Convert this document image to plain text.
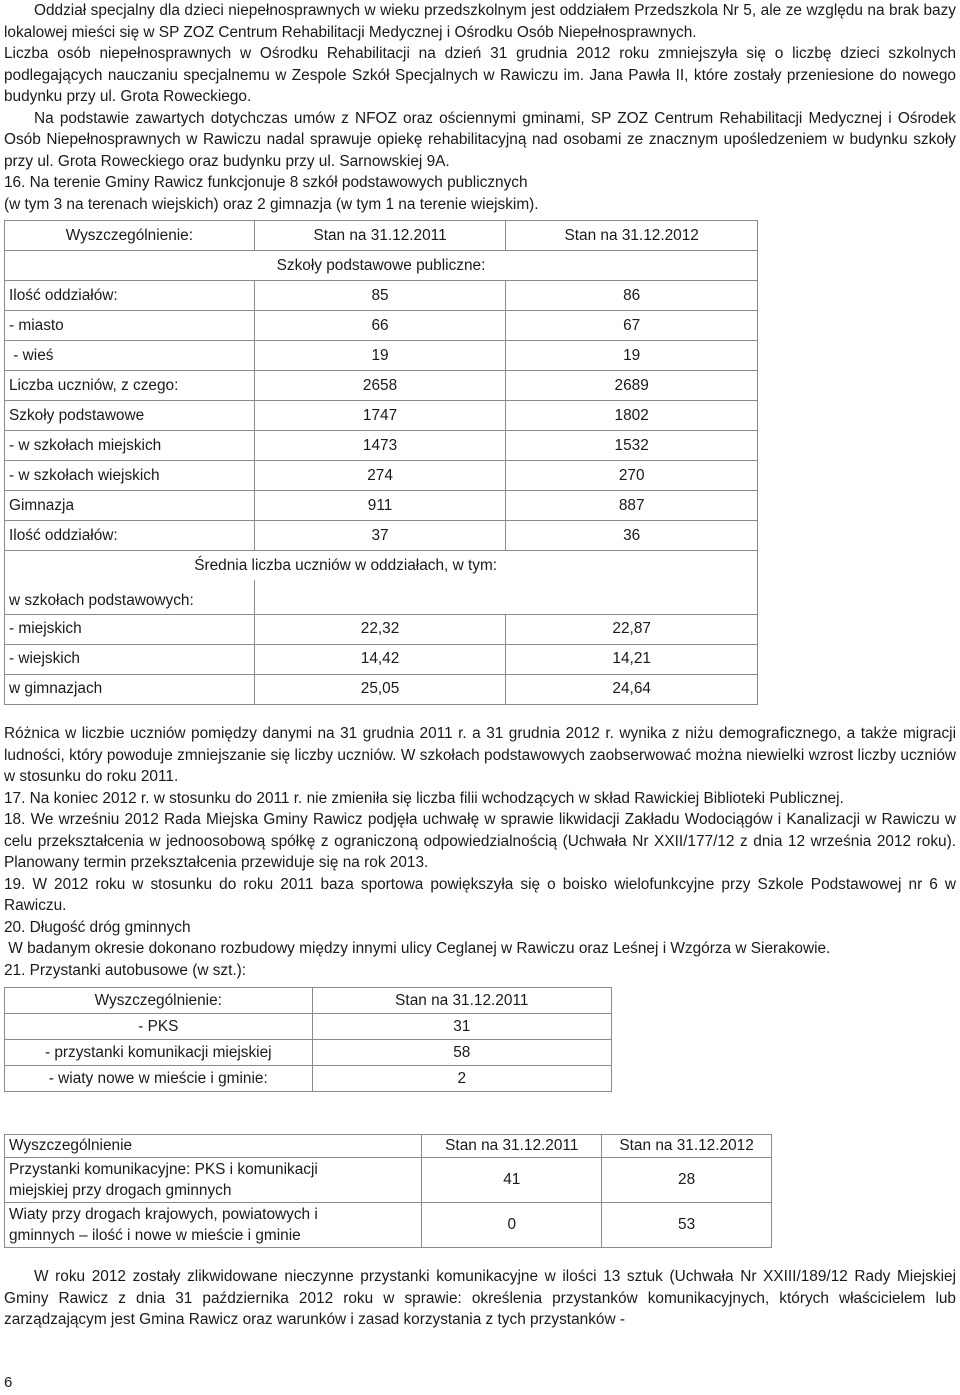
Oddział specjalny dla dzieci niepełnosprawnych w wieku przedszkolnym jest oddziałem Przedszkola Nr 5, ale ze względu na brak bazy lokalowej mieści się w SP ZOZ Centrum Rehabilitacji Medycznej i Ośrodku Osób Niepełnosprawnych.

Liczba osób niepełnosprawnych w Ośrodku Rehabilitacji na dzień 31 grudnia 2012 roku zmniejszyła się o liczbę dzieci szkolnych podlegających nauczaniu specjalnemu w Zespole Szkół Specjalnych w Rawiczu im. Jana Pawła II, które zostały przeniesione do nowego budynku przy ul. Grota Roweckiego.

Na podstawie zawartych dotychczas umów z NFOZ oraz ościennymi gminami, SP ZOZ Centrum Rehabilitacji Medycznej i Ośrodek Osób Niepełnosprawnych w Rawiczu nadal sprawuje opiekę rehabilitacyjną nad osobami ze znacznym upośledzeniem w budynku szkoły przy ul. Grota Roweckiego oraz budynku przy ul. Sarnowskiej 9A.

16. Na terenie Gminy Rawicz funkcjonuje 8 szkół podstawowych publicznych

(w tym 3 na terenach wiejskich) oraz 2 gimnazja (w tym 1 na terenie wiejskim).

Wyszczególnienie:	Stan na 31.12.2011	Stan na 31.12.2012
Szkoły podstawowe publiczne:		
Ilość oddziałów:	85	86
- miasto	66	67
- wieś	19	19
Liczba uczniów, z czego:	2658	2689
Szkoły podstawowe	1747	1802
- w szkołach miejskich	1473	1532
- w szkołach wiejskich	274	270
Gimnazja	911	887
Ilość oddziałów:	37	36
	Średnia liczba uczniów w oddziałach, w tym:	
w szkołach podstawowych:		
- miejskich	22,32	22,87
- wiejskich	14,42	14,21
w gimnazjach	25,05	24,64

Różnica w liczbie uczniów pomiędzy danymi na 31 grudnia 2011 r. a 31 grudnia 2012 r. wynika z niżu demograficznego, a także migracji ludności, który powoduje zmniejszanie się liczby uczniów. W szkołach podstawowych zaobserwować można niewielki wzrost liczby uczniów w stosunku do roku 2011.

17. Na koniec 2012 r. w stosunku do 2011 r. nie zmieniła się liczba filii wchodzących w skład Rawickiej Biblioteki Publicznej.

18. We wrześniu 2012 Rada Miejska Gminy Rawicz podjęła uchwałę w sprawie likwidacji Zakładu Wodociągów i Kanalizacji w Rawiczu w celu przekształcenia w jednoosobową spółkę z ograniczoną odpowiedzialnością (Uchwała Nr XXII/177/12 z dnia 12 września 2012 roku). Planowany termin przekształcenia przewiduje się na rok 2013.

19. W 2012 roku w stosunku do roku 2011 baza sportowa powiększyła się o boisko wielofunkcyjne przy Szkole Podstawowej nr 6 w Rawiczu.

20. Długość dróg gminnych

W badanym okresie dokonano rozbudowy między innymi ulicy Ceglanej w Rawiczu oraz Leśnej i Wzgórza w Sierakowie.

21. Przystanki autobusowe (w szt.):

Wyszczególnienie:	Stan na 31.12.2011
- PKS	31
- przystanki komunikacji miejskiej	58
- wiaty nowe w mieście i gminie:	2
Wyszczególnienie	Stan na 31.12.2011	Stan na 31.12.2012

Przystanki komunikacyjne: PKS i komunikacji
miejskiej przy drogach gminnych	41	28

Wiaty przy drogach krajowych, powiatowych i
gminnych – ilość i nowe w mieście i gminie	0	53

W roku 2012 zostały zlikwidowane nieczynne przystanki komunikacyjne w ilości 13 sztuk (Uchwała Nr XXIII/189/12 Rady Miejskiej Gminy Rawicz z dnia 31 października 2012 roku w sprawie: określenia przystanków komunikacyjnych, których właścicielem lub zarządzającym jest Gmina Rawicz oraz warunków i zasad korzystania z tych przystanków -

6
